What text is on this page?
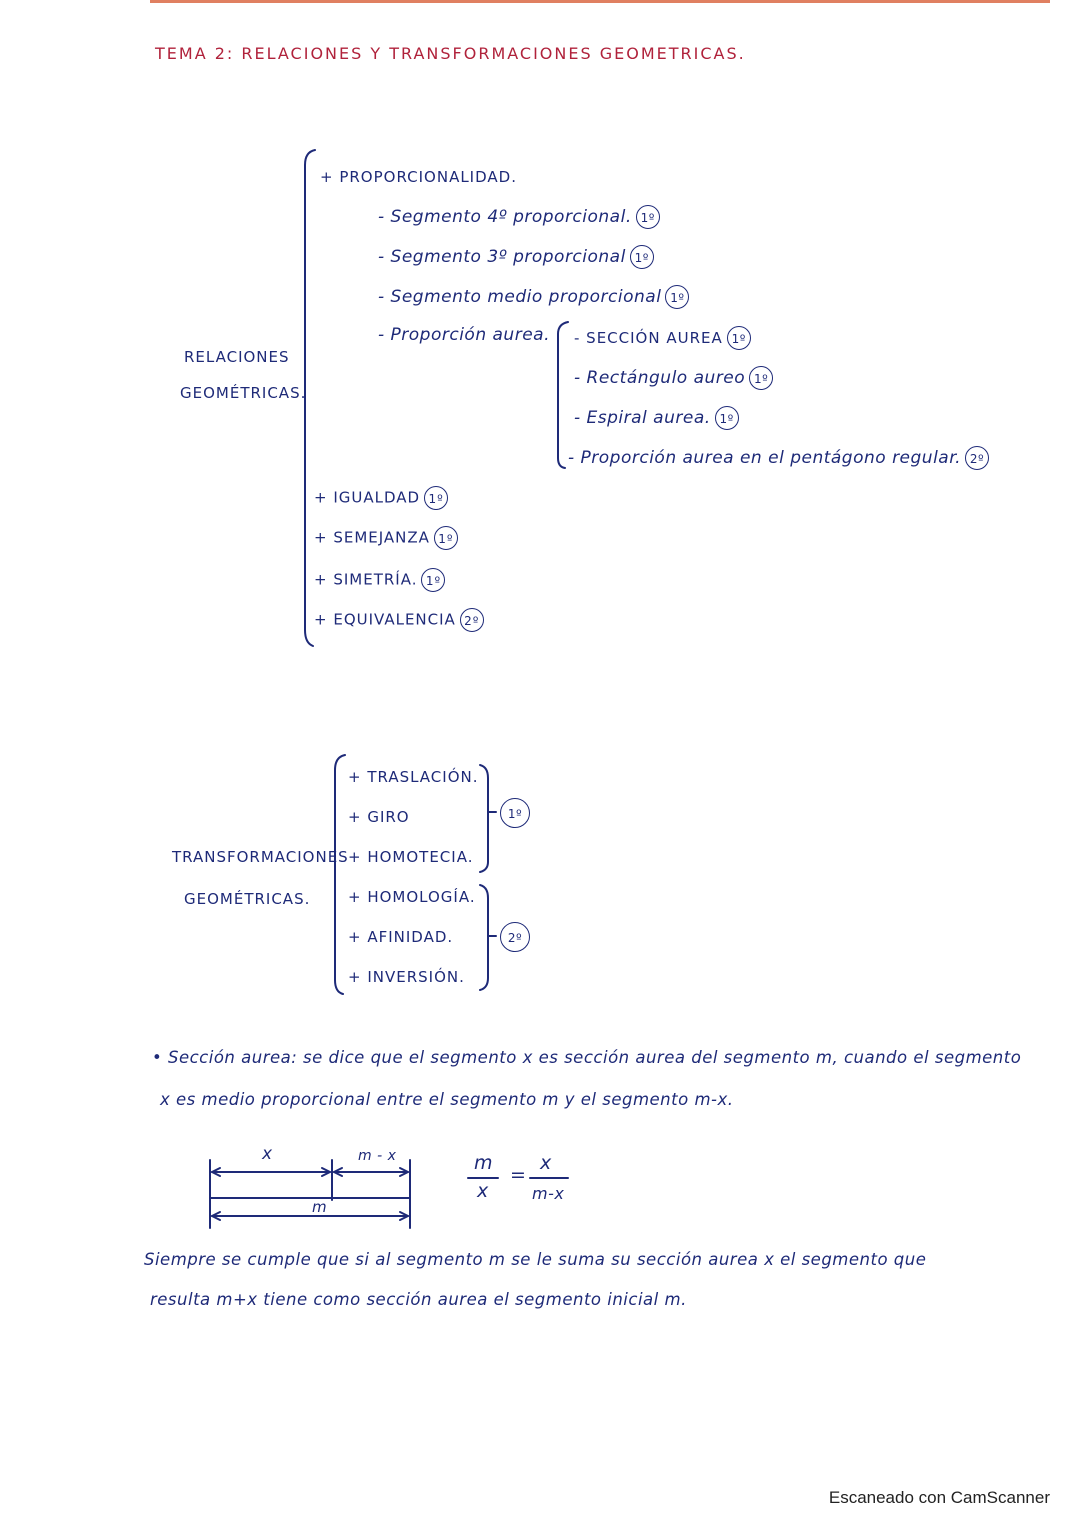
TEMA 2: RELACIONES Y TRANSFORMACIONES GEOMETRICAS.
RELACIONES
GEOMÉTRICAS.
+ PROPORCIONALIDAD.
- Segmento 4º proporcional. 1º
- Segmento 3º proporcional 1º
- Segmento medio proporcional 1º
- Proporción aurea. - SECCIÓN AUREA 1º
- Rectángulo aureo 1º
- Espiral aurea. 1º
- Proporción aurea en el pentágono regular. 2º
+ IGUALDAD 1º
+ SEMEJANZA 1º
+ SIMETRÍA. 1º
+ EQUIVALENCIA 2º
TRANSFORMACIONES
GEOMÉTRICAS.
+ TRASLACIÓN.
+ GIRO
+ HOMOTECIA.
+ HOMOLOGÍA.
+ AFINIDAD.
+ INVERSIÓN.
1º
2º
• Sección aurea: se dice que el segmento x es sección aurea del segmento m, cuando el segmento
x es medio proporcional entre el segmento m y el segmento m-x.
x	m - x
m
m
x
=
x
m-x
Siempre se cumple que si al segmento m se le suma su sección aurea x el segmento que
resulta m+x tiene como sección aurea el segmento inicial m.
Escaneado con CamScanner
